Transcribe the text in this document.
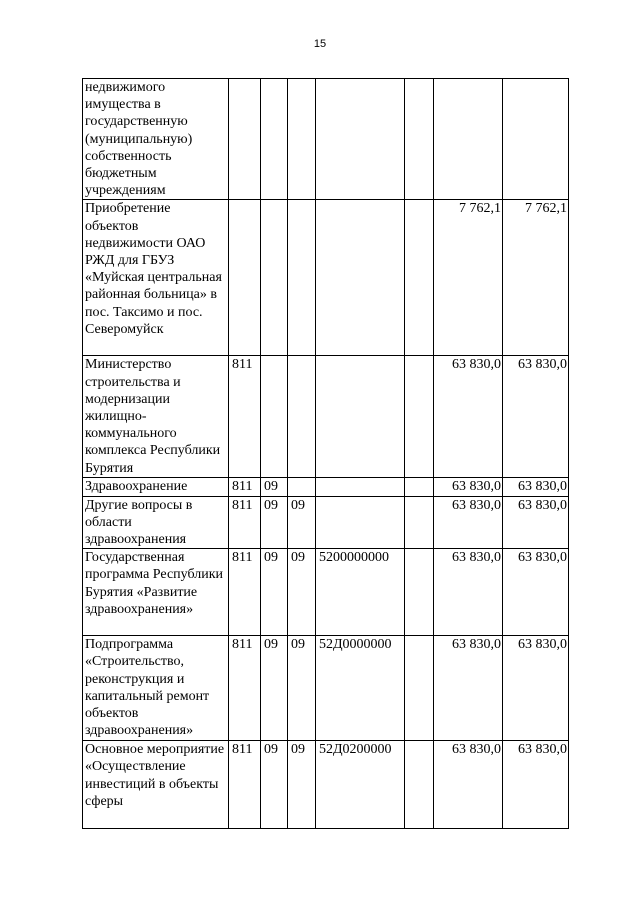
15
недвижимого имущества в государственную (муниципальную) собственность бюджетным учреждениям							
Приобретение объектов недвижимости ОАО РЖД для ГБУЗ «Муйская центральная районная больница» в пос. Таксимо и пос. Северомуйск						7 762,1	7 762,1
Министерство строительства и модернизации жилищно-коммунального комплекса Республики Бурятия	811					63 830,0	63 830,0
Здравоохранение	811	09				63 830,0	63 830,0
Другие вопросы в области здравоохранения	811	09	09			63 830,0	63 830,0
Государственная программа Республики Бурятия «Развитие здравоохранения»	811	09	09	5200000000		63 830,0	63 830,0
Подпрограмма «Строительство, реконструкция и капитальный ремонт объектов здравоохранения»	811	09	09	52Д0000000		63 830,0	63 830,0
Основное мероприятие «Осуществление инвестиций в объекты сферы	811	09	09	52Д0200000		63 830,0	63 830,0
